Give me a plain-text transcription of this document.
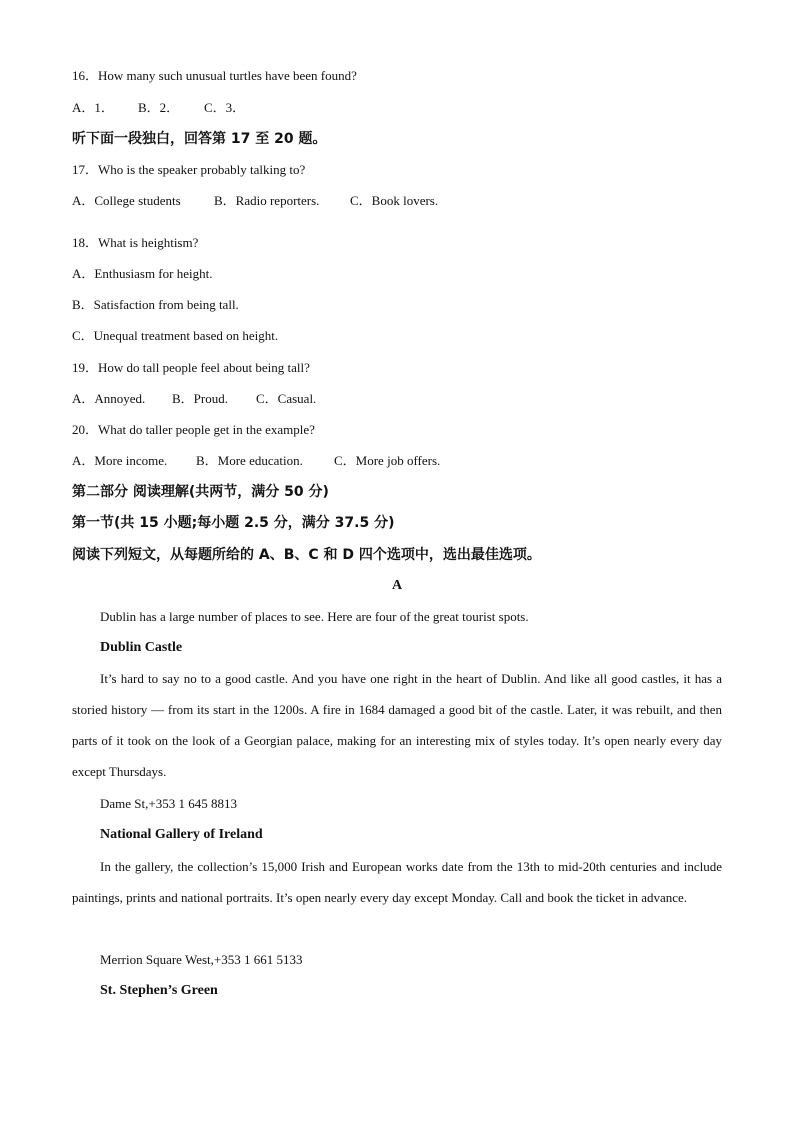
16．How many such unusual turtles have been found?
A．1． B．2． C．3．
听下面一段独白，回答第 17 至 20 题。
17．Who is the speaker probably talking to?
A．College students	B．Radio reporters. C．Book lovers.
18．What is heightism?
A．Enthusiasm for height.
B．Satisfaction from being tall.
C．Unequal treatment based on height.
19．How do tall people feel about being tall?
A．Annoyed. B．Proud. C．Casual.
20．What do taller people get in the example?
A．More income. B．More education. C．More job offers.
第二部分 阅读理解(共两节，满分 50 分)
第一节(共 15 小题;每小题 2.5 分，满分 37.5 分)
阅读下列短文，从每题所给的 A、B、C 和 D 四个选项中，选出最佳选项。
A
Dublin has a large number of places to see. Here are four of the great tourist spots.
Dublin Castle
It’s hard to say no to a good castle. And you have one right in the heart of Dublin. And like all good castles, it has a storied history — from its start in the 1200s. A fire in 1684 damaged a good bit of the castle. Later, it was rebuilt, and then parts of it took on the look of a Georgian palace, making for an interesting mix of styles today. It’s open nearly every day except Thursdays.
Dame St,+353 1 645 8813
National Gallery of Ireland
In the gallery, the collection’s 15,000 Irish and European works date from the 13th to mid-20th centuries and include paintings, prints and national portraits. It’s open nearly every day except Monday. Call and book the ticket in advance.
Merrion Square West,+353 1 661 5133
St. Stephen’s Green
